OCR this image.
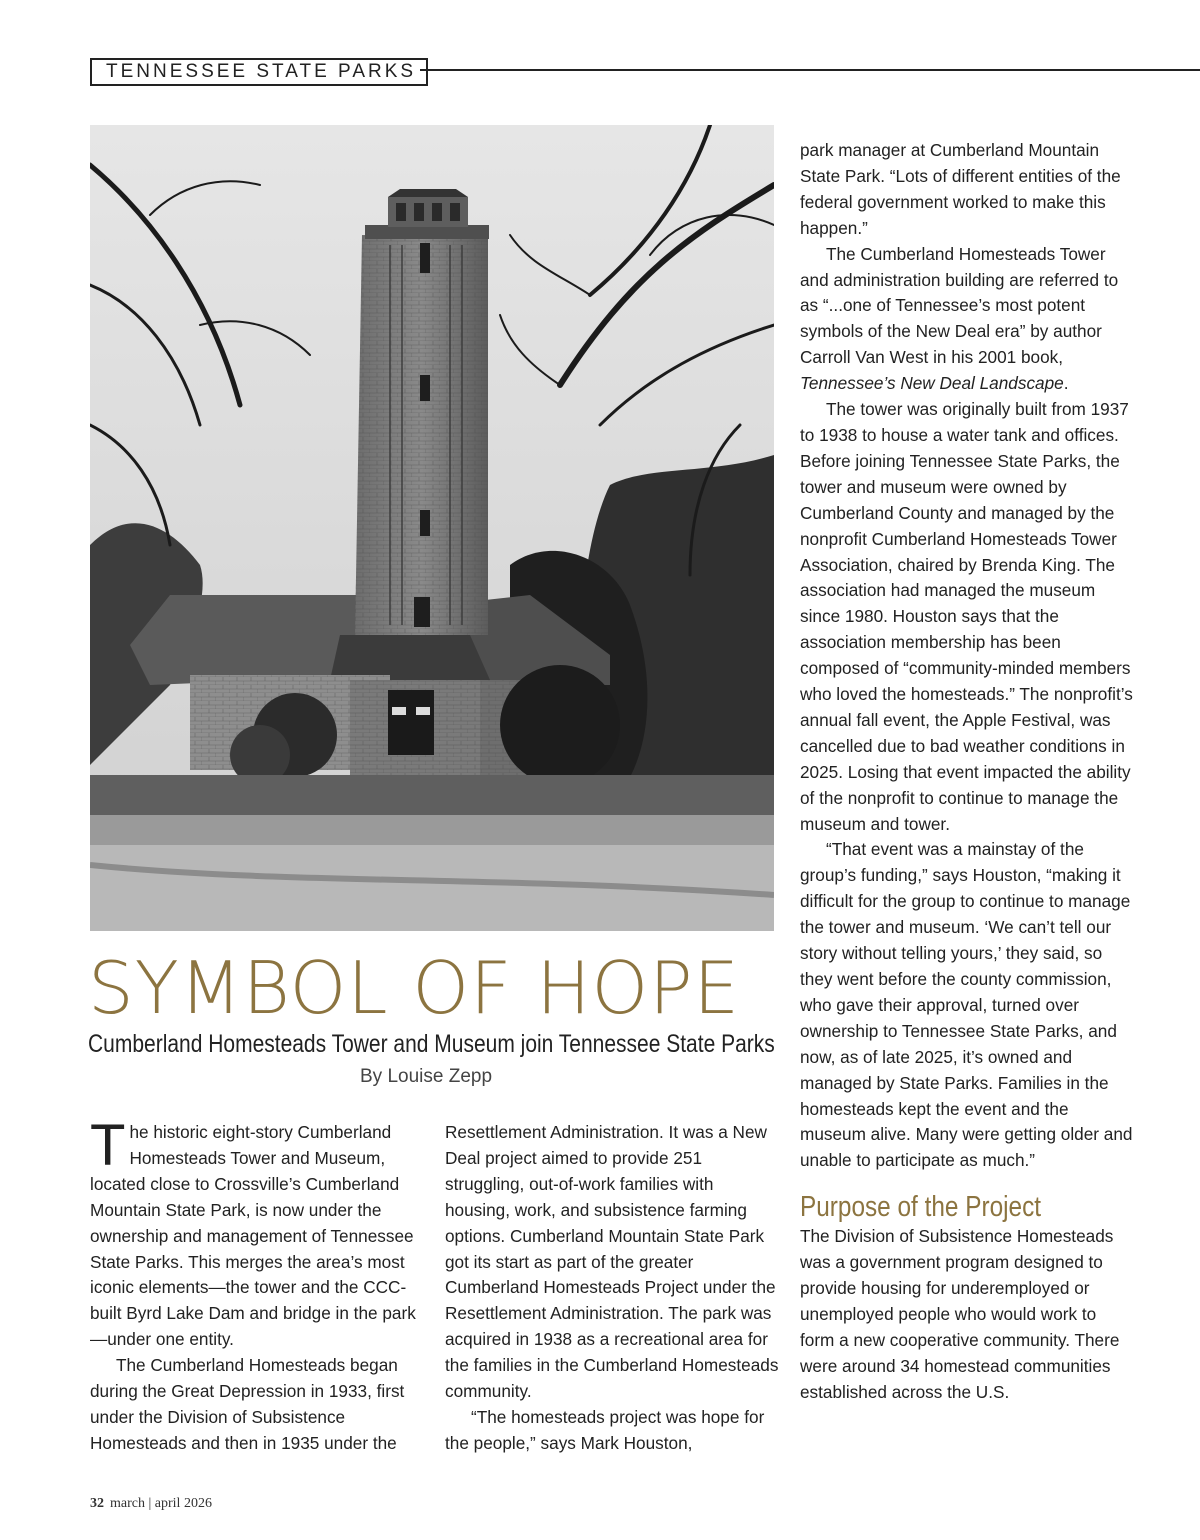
TENNESSEE STATE PARKS
SYMBOL OF HOPE
Cumberland Homesteads Tower and Museum join Tennessee State Parks
By Louise Zepp

The historic eight-story Cumberland Homesteads Tower and Museum, located close to Crossville’s Cumberland Mountain State Park, is now under the ownership and management of Tennessee State Parks. This merges the area’s most iconic elements—the tower and the CCC-built Byrd Lake Dam and bridge in the park—under one entity.

The Cumberland Homesteads began during the Great Depression in 1933, first under the Division of Subsistence Homesteads and then in 1935 under the

Resettlement Administration. It was a New Deal project aimed to provide 251 struggling, out-of-work families with housing, work, and subsistence farming options. Cumberland Mountain State Park got its start as part of the greater Cumberland Homesteads Project under the Resettlement Administration. The park was acquired in 1938 as a recreational area for the families in the Cumberland Homesteads community.

“The homesteads project was hope for the people,” says Mark Houston,

park manager at Cumberland Mountain State Park. “Lots of different entities of the federal government worked to make this happen.”

The Cumberland Homesteads Tower and administration building are referred to as “...one of Tennessee’s most potent symbols of the New Deal era” by author Carroll Van West in his 2001 book, Tennessee’s New Deal Landscape.

The tower was originally built from 1937 to 1938 to house a water tank and offices. Before joining Tennessee State Parks, the tower and museum were owned by Cumberland County and managed by the nonprofit Cumberland Homesteads Tower Association, chaired by Brenda King. The association had managed the museum since 1980. Houston says that the association membership has been composed of “community-minded members who loved the homesteads.” The nonprofit’s annual fall event, the Apple Festival, was cancelled due to bad weather conditions in 2025. Losing that event impacted the ability of the nonprofit to continue to manage the museum and tower.

“That event was a mainstay of the group’s funding,” says Houston, “making it difficult for the group to continue to manage the tower and museum. ‘We can’t tell our story without telling yours,’ they said, so they went before the county commission, who gave their approval, turned over ownership to Tennessee State Parks, and now, as of late 2025, it’s owned and managed by State Parks. Families in the homesteads kept the event and the museum alive. Many were getting older and unable to participate as much.”

Purpose of the Project

The Division of Subsistence Homesteads was a government program designed to provide housing for underemployed or unemployed people who would work to form a new cooperative community. There were around 34 homestead communities established across the U.S.

32 march | april 2026
